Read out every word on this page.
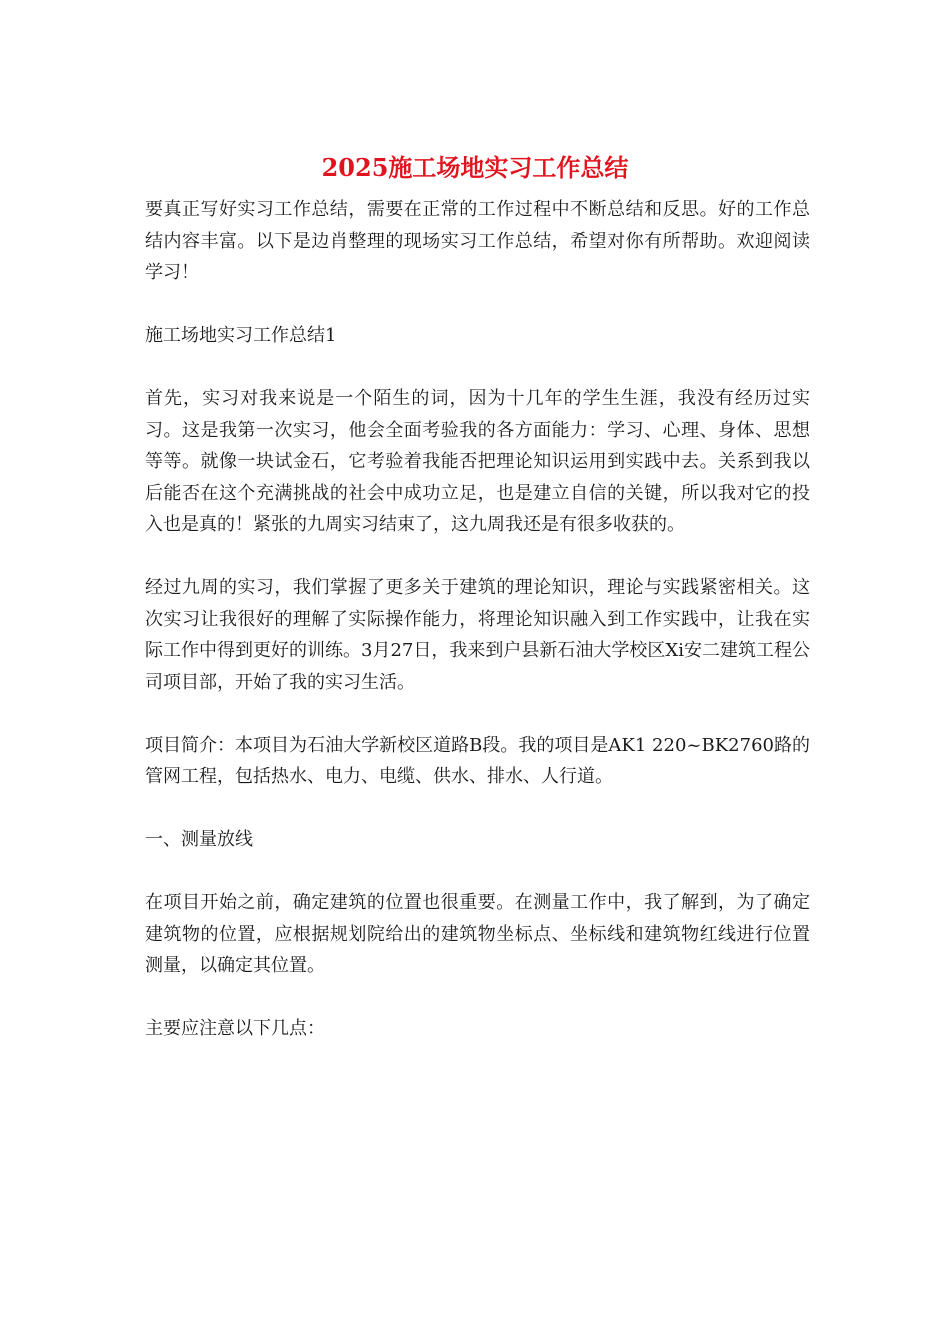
2025施工场地实习工作总结

要真正写好实习工作总结，需要在正常的工作过程中不断总结和反思。好的工作总结内容丰富。以下是边肖整理的现场实习工作总结，希望对你有所帮助。欢迎阅读学习！

施工场地实习工作总结1

首先，实习对我来说是一个陌生的词，因为十几年的学生生涯，我没有经历过实习。这是我第一次实习，他会全面考验我的各方面能力：学习、心理、身体、思想等等。就像一块试金石，它考验着我能否把理论知识运用到实践中去。关系到我以后能否在这个充满挑战的社会中成功立足，也是建立自信的关键，所以我对它的投入也是真的！紧张的九周实习结束了，这九周我还是有很多收获的。

经过九周的实习，我们掌握了更多关于建筑的理论知识，理论与实践紧密相关。这次实习让我很好的理解了实际操作能力，将理论知识融入到工作实践中，让我在实际工作中得到更好的训练。3月27日，我来到户县新石油大学校区Xi安二建筑工程公司项目部，开始了我的实习生活。

项目简介：本项目为石油大学新校区道路B段。我的项目是AK1 220~BK2760路的管网工程，包括热水、电力、电缆、供水、排水、人行道。

一、测量放线

在项目开始之前，确定建筑的位置也很重要。在测量工作中，我了解到，为了确定建筑物的位置，应根据规划院给出的建筑物坐标点、坐标线和建筑物红线进行位置测量，以确定其位置。

主要应注意以下几点：
